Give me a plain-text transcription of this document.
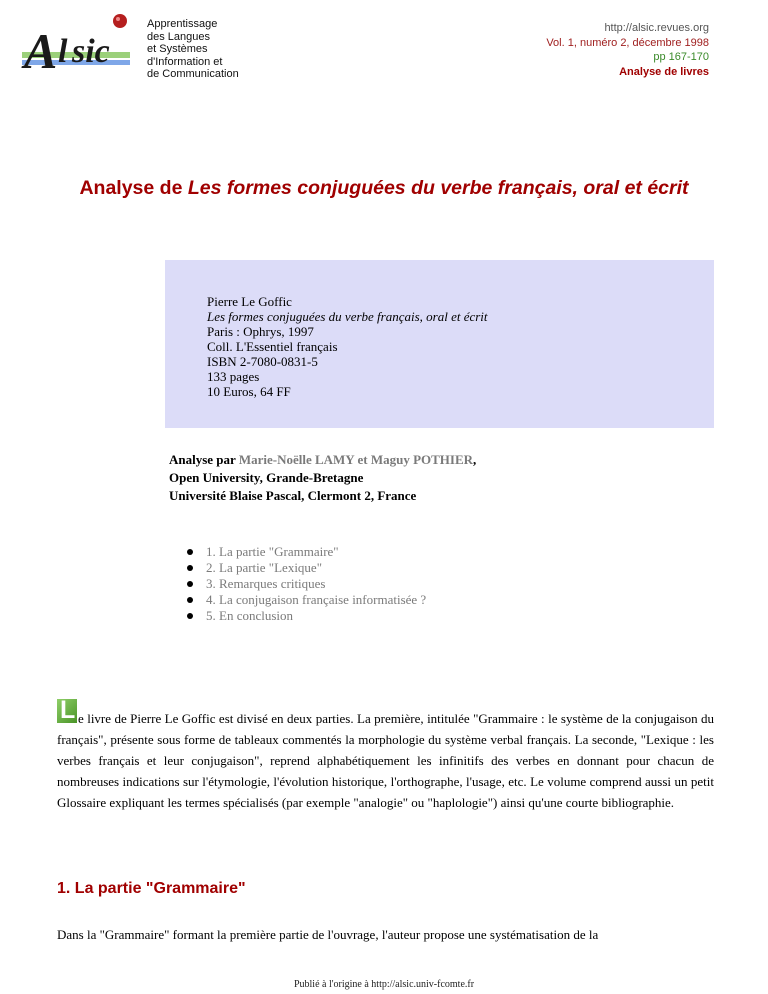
A l sic
Apprentissage
des Langues
et Systèmes
d'Information et
de Communication
http://alsic.revues.org
Vol. 1, numéro 2, décembre 1998
pp 167-170
Analyse de livres
Analyse de Les formes conjuguées du verbe français, oral et écrit
Pierre Le Goffic
Les formes conjuguées du verbe français, oral et écrit
Paris : Ophrys, 1997
Coll. L'Essentiel français
ISBN 2-7080-0831-5
133 pages
10 Euros, 64 FF
Analyse par Marie-Noëlle LAMY et Maguy POTHIER,
Open University, Grande-Bretagne
Université Blaise Pascal, Clermont 2, France
1. La partie "Grammaire"
2. La partie "Lexique"
3. Remarques critiques
4. La conjugaison française informatisée ?
5. En conclusion
L e livre de Pierre Le Goffic est divisé en deux parties. La première, intitulée "Grammaire : le système de la conjugaison du français", présente sous forme de tableaux commentés la morphologie du système verbal français. La seconde, "Lexique : les verbes français et leur conjugaison", reprend alphabétiquement les infinitifs des verbes en donnant pour chacun de nombreuses indications sur l'étymologie, l'évolution historique, l'orthographe, l'usage, etc. Le volume comprend aussi un petit Glossaire expliquant les termes spécialisés (par exemple "analogie" ou "haplologie") ainsi qu'une courte bibliographie.

1. La partie "Grammaire"

Dans la "Grammaire" formant la première partie de l'ouvrage, l'auteur propose une systématisation de la

Publié à l'origine à http://alsic.univ-fcomte.fr
